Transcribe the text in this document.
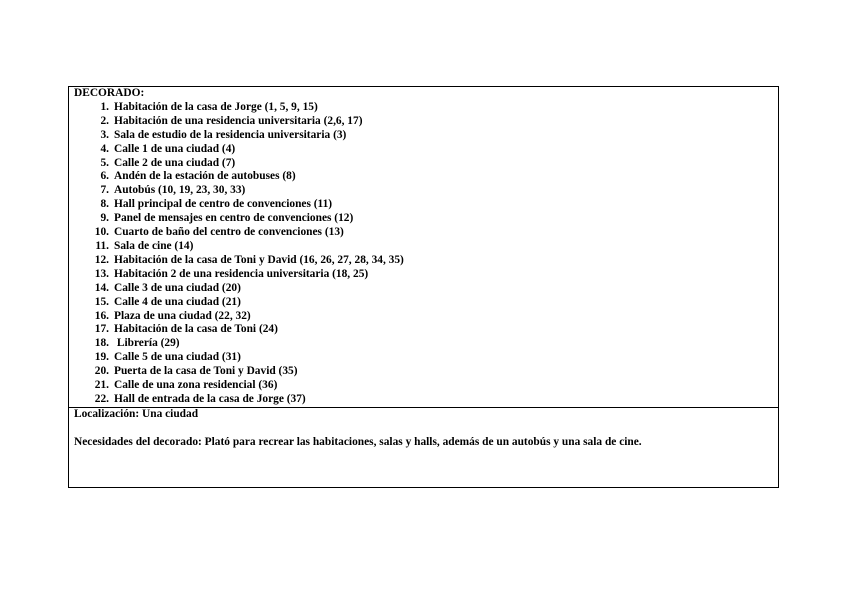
DECORADO:

1. Habitación de la casa de Jorge (1, 5, 9, 15)
2. Habitación de una residencia universitaria (2,6, 17)
3. Sala de estudio de la residencia universitaria (3)
4. Calle 1 de una ciudad (4)
5. Calle 2 de una ciudad (7)
6. Andén de la estación de autobuses (8)
7. Autobús (10, 19, 23, 30, 33)
8. Hall principal de centro de convenciones (11)
9. Panel de mensajes en centro de convenciones (12)
10. Cuarto de baño del centro de convenciones (13)
11. Sala de cine (14)
12. Habitación de la casa de Toni y David (16, 26, 27, 28, 34, 35)
13. Habitación 2 de una residencia universitaria (18, 25)
14. Calle 3 de una ciudad (20)
15. Calle 4 de una ciudad (21)
16. Plaza de una ciudad (22, 32)
17. Habitación de la casa de Toni (24)
18. Librería (29)
19. Calle 5 de una ciudad (31)
20. Puerta de la casa de Toni y David (35)
21. Calle de una zona residencial (36)
22. Hall de entrada de la casa de Jorge (37)

Localización: Una ciudad

Necesidades del decorado: Plató para recrear las habitaciones, salas y halls, además de un autobús y una sala de cine.
